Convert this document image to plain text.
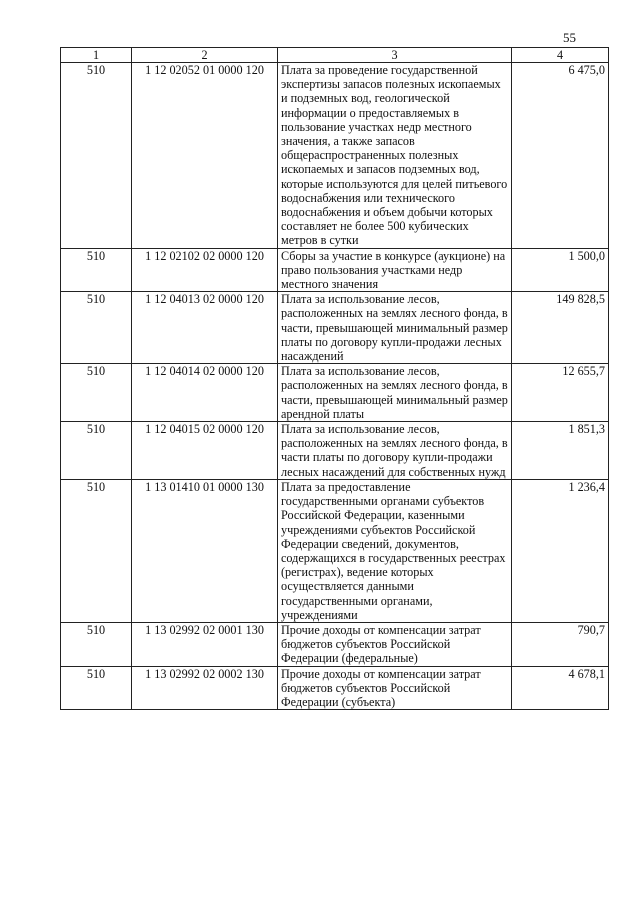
55
1	2	3	4
510	1 12 02052 01 0000 120	Плата за проведение государственной экспертизы запасов полезных ископаемых и подземных вод, геологической информации о предоставляемых в пользование участках недр местного значения, а также запасов общераспространенных полезных ископаемых и запасов подземных вод, которые используются для целей питьевого водоснабжения или технического водоснабжения и объем добычи которых составляет не более 500 кубических метров в сутки	6 475,0
510	1 12 02102 02 0000 120	Сборы за участие в конкурсе (аукционе) на право пользования участками недр местного значения	1 500,0
510	1 12 04013 02 0000 120	Плата за использование лесов, расположенных на землях лесного фонда, в части, превышающей минимальный размер платы по договору купли-продажи лесных насаждений	149 828,5
510	1 12 04014 02 0000 120	Плата за использование лесов, расположенных на землях лесного фонда, в части, превышающей минимальный размер арендной платы	12 655,7
510	1 12 04015 02 0000 120	Плата за использование лесов, расположенных на землях лесного фонда, в части платы по договору купли-продажи лесных насаждений для собственных нужд	1 851,3
510	1 13 01410 01 0000 130	Плата за предоставление государственными органами субъектов Российской Федерации, казенными учреждениями субъектов Российской Федерации сведений, документов, содержащихся в государственных реестрах (регистрах), ведение которых осуществляется данными государственными органами, учреждениями	1 236,4
510	1 13 02992 02 0001 130	Прочие доходы от компенсации затрат бюджетов субъектов Российской Федерации (федеральные)	790,7
510	1 13 02992 02 0002 130	Прочие доходы от компенсации затрат бюджетов субъектов Российской Федерации (субъекта)	4 678,1
